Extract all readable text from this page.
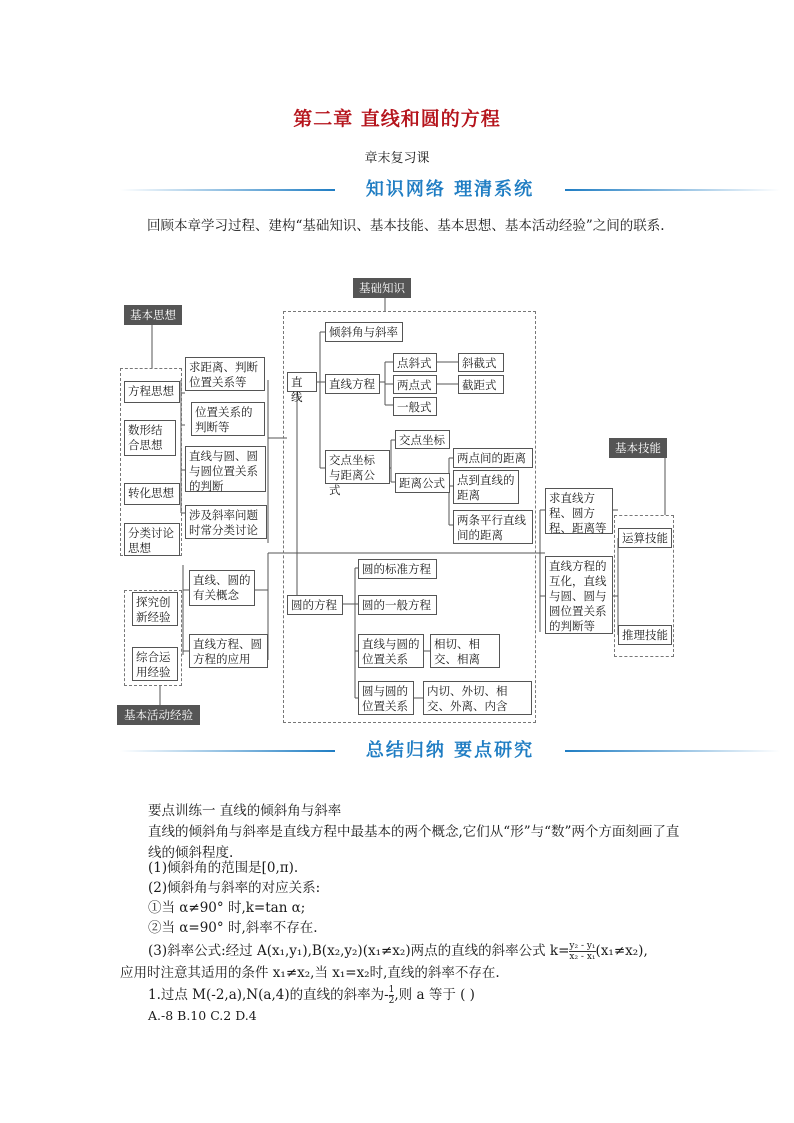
第二章 直线和圆的方程
章末复习课
知识网络 理清系统
回顾本章学习过程、建构“基础知识、基本技能、基本思想、基本活动经验”之间的联系.
基础知识
基本思想
基本技能
基本活动经验
方程思想
数形结合思想
转化思想
分类讨论思想
求距离、判断位置关系等
位置关系的判断等
直线与圆、圆与圆位置关系的判断
涉及斜率问题时常分类讨论
直线
倾斜角与斜率
直线方程
点斜式	斜截式
两点式	截距式
一般式
交点坐标与距离公式
交点坐标
距离公式
两点间的距离
点到直线的距离
两条平行直线间的距离
圆的方程
圆的标准方程
圆的一般方程
直线与圆的位置关系
相切、相交、相离
圆与圆的位置关系
内切、外切、相交、外离、内含
求直线方程、圆方程、距离等
直线方程的互化，直线与圆、圆与圆位置关系的判断等
运算技能
推理技能
探究创新经验
综合运用经验
直线、圆的有关概念
直线方程、圆方程的应用
总结归纳 要点研究
要点训练一 直线的倾斜角与斜率
直线的倾斜角与斜率是直线方程中最基本的两个概念,它们从“形”与“数”两个方面刻画了直线的倾斜程度.
(1)倾斜角的范围是[0,π).
(2)倾斜角与斜率的对应关系:
①当 α≠90° 时,k=tan α;
②当 α=90° 时,斜率不存在.
(3)斜率公式:经过 A(x₁,y₁),B(x₂,y₂)(x₁≠x₂)两点的直线的斜率公式 $k= \frac{\text{y₂ - y₁}}{\text{x₂ - x₁}} (x_1\ne x_2)$,
应用时注意其适用的条件 x₁≠x₂,当 x₁=x₂时,直线的斜率不存在.
1.过点 M(-2,a),N(a,4)的直线的斜率为- $\frac{1}{2}$ ,则 a 等于 ( )
A.-8 B.10 C.2 D.4
